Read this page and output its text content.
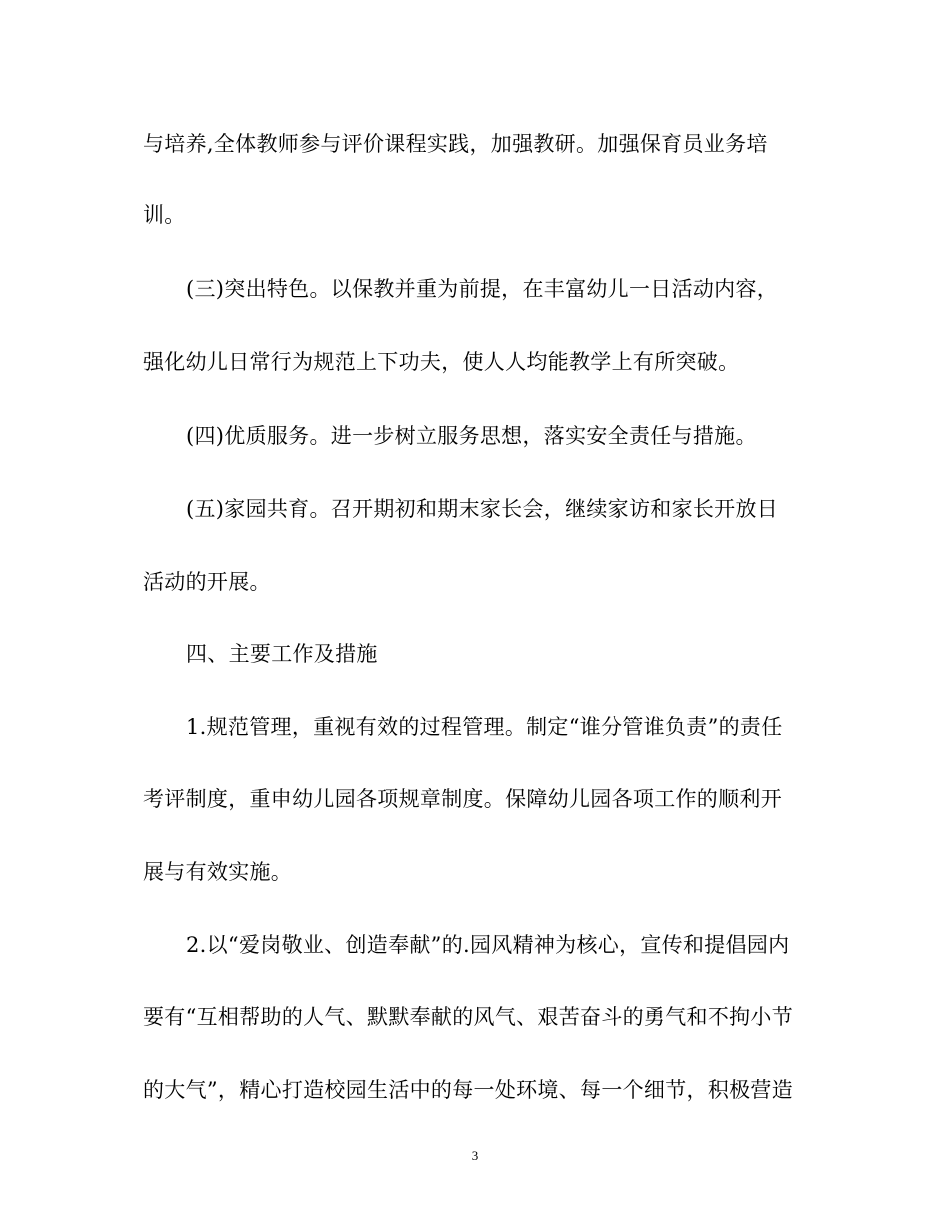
与培养,全体教师参与评价课程实践，加强教研。加强保育员业务培
训。
(三)突出特色。以保教并重为前提，在丰富幼儿一日活动内容，
强化幼儿日常行为规范上下功夫，使人人均能教学上有所突破。
(四)优质服务。进一步树立服务思想，落实安全责任与措施。
(五)家园共育。召开期初和期末家长会，继续家访和家长开放日
活动的开展。
四、主要工作及措施
1.规范管理，重视有效的过程管理。制定“谁分管谁负责”的责任
考评制度，重申幼儿园各项规章制度。保障幼儿园各项工作的顺利开
展与有效实施。
2.以“爱岗敬业、创造奉献”的.园风精神为核心，宣传和提倡园内
要有“互相帮助的人气、默默奉献的风气、艰苦奋斗的勇气和不拘小节
的大气”，精心打造校园生活中的每一处环境、每一个细节，积极营造
3
